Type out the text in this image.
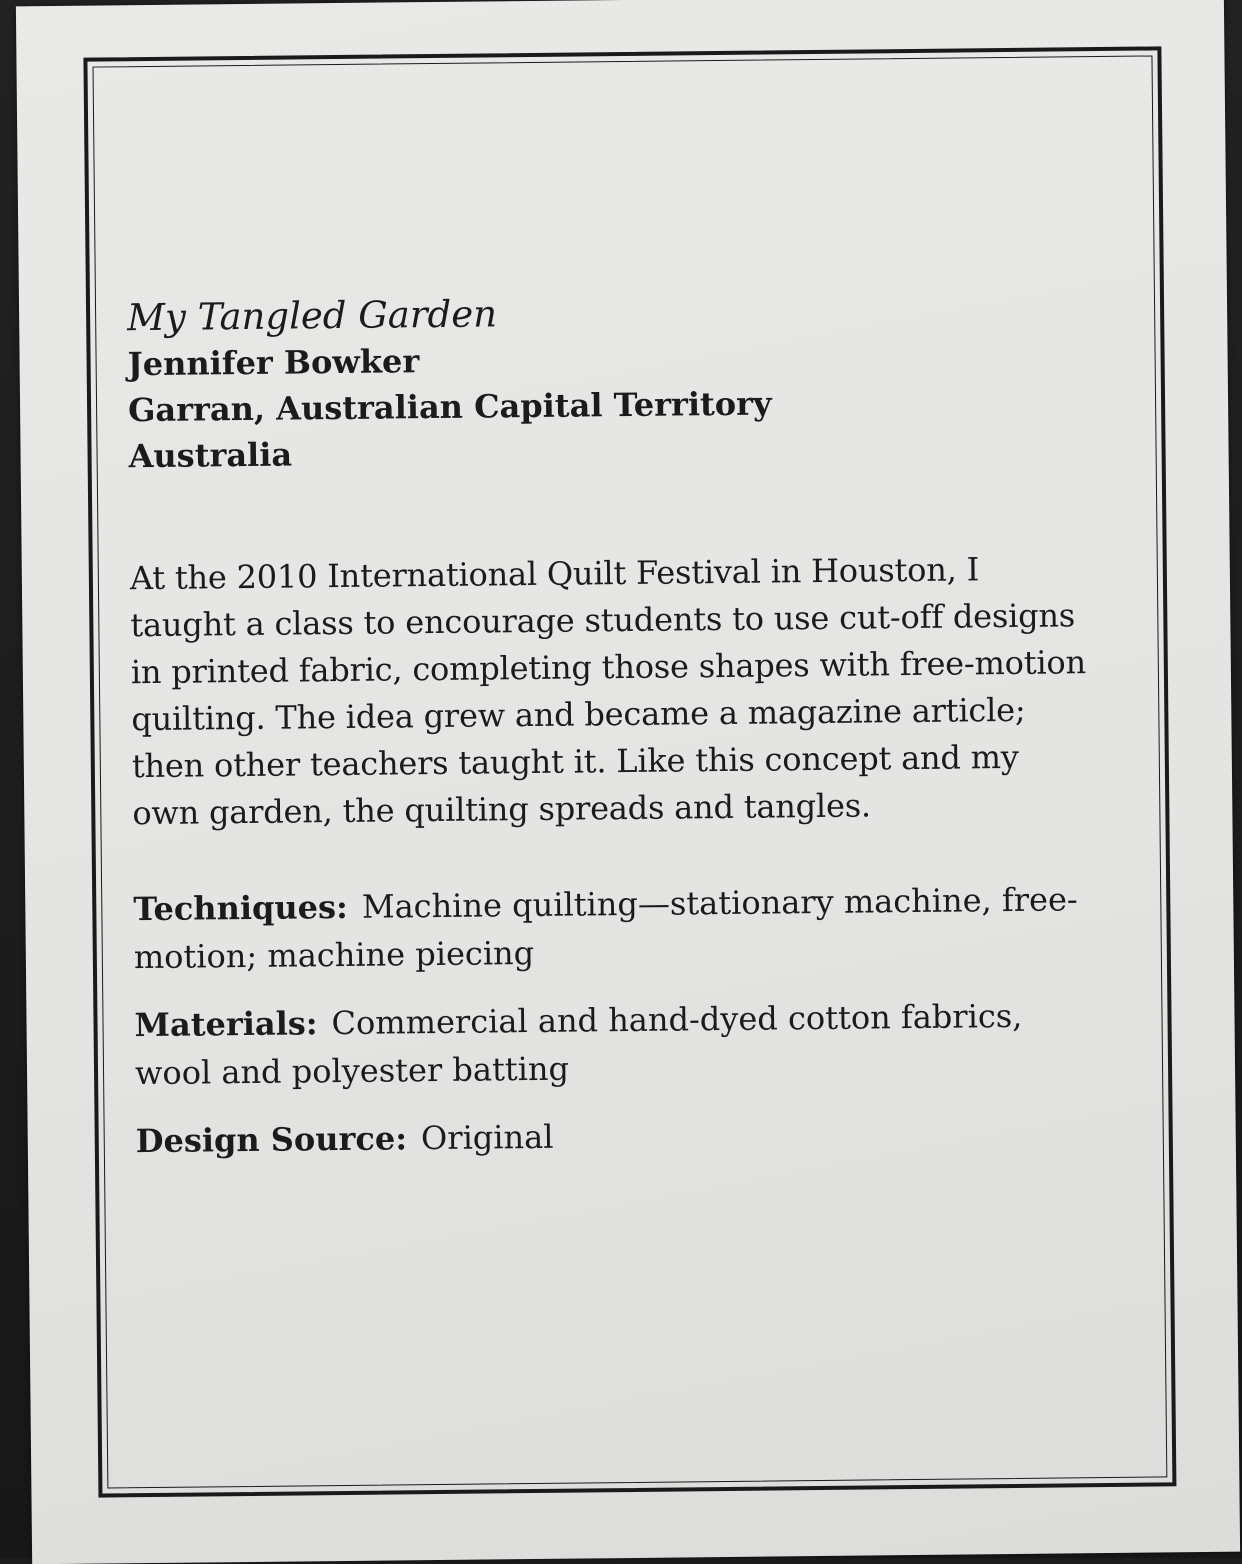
My Tangled Garden

Jennifer Bowker

Garran, Australian Capital Territory

Australia

At the 2010 International Quilt Festival in Houston, I taught a class to encourage students to use cut-off designs in printed fabric, completing those shapes with free-motion quilting. The idea grew and became a magazine article; then other teachers taught it. Like this concept and my own garden, the quilting spreads and tangles.

Techniques: Machine quilting—stationary machine, free-motion; machine piecing

Materials: Commercial and hand-dyed cotton fabrics, wool and polyester batting

Design Source: Original
